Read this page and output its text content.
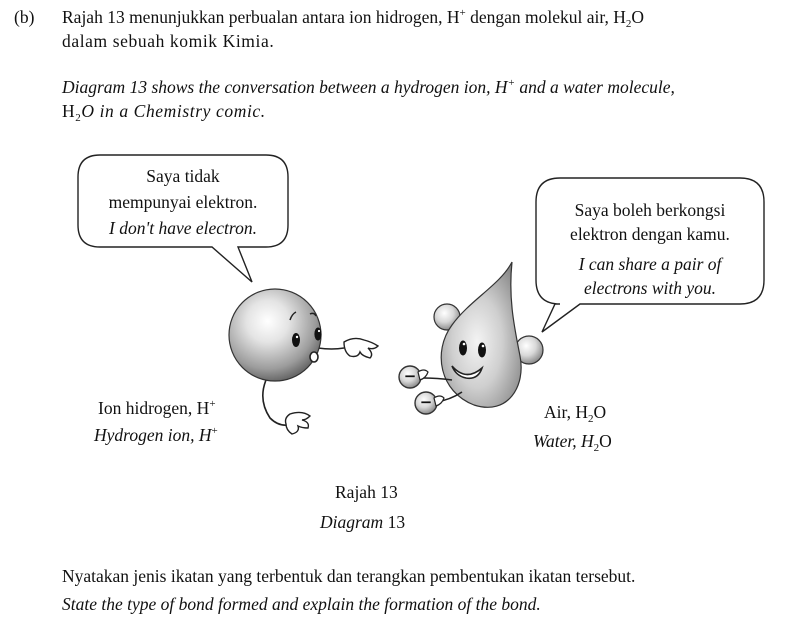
(b) Rajah 13 menunjukkan perbualan antara ion hidrogen, H+ dengan molekul air, $H_2O$
dalam sebuah komik Kimia.
Diagram 13 shows the conversation between a hydrogen ion, H+ and a water molecule,
$H_2O$ in a Chemistry comic.
−
−
Saya tidak
mempunyai elektron.
I don't have electron.
Saya boleh berkongsi
elektron dengan kamu.
I can share a pair of
electrons with you.
Ion hidrogen, H+
Hydrogen ion, H+
Air, $H_2O$
Water, $H_2O$
Rajah 13
Diagram 13
Nyatakan jenis ikatan yang terbentuk dan terangkan pembentukan ikatan tersebut.
State the type of bond formed and explain the formation of the bond.
